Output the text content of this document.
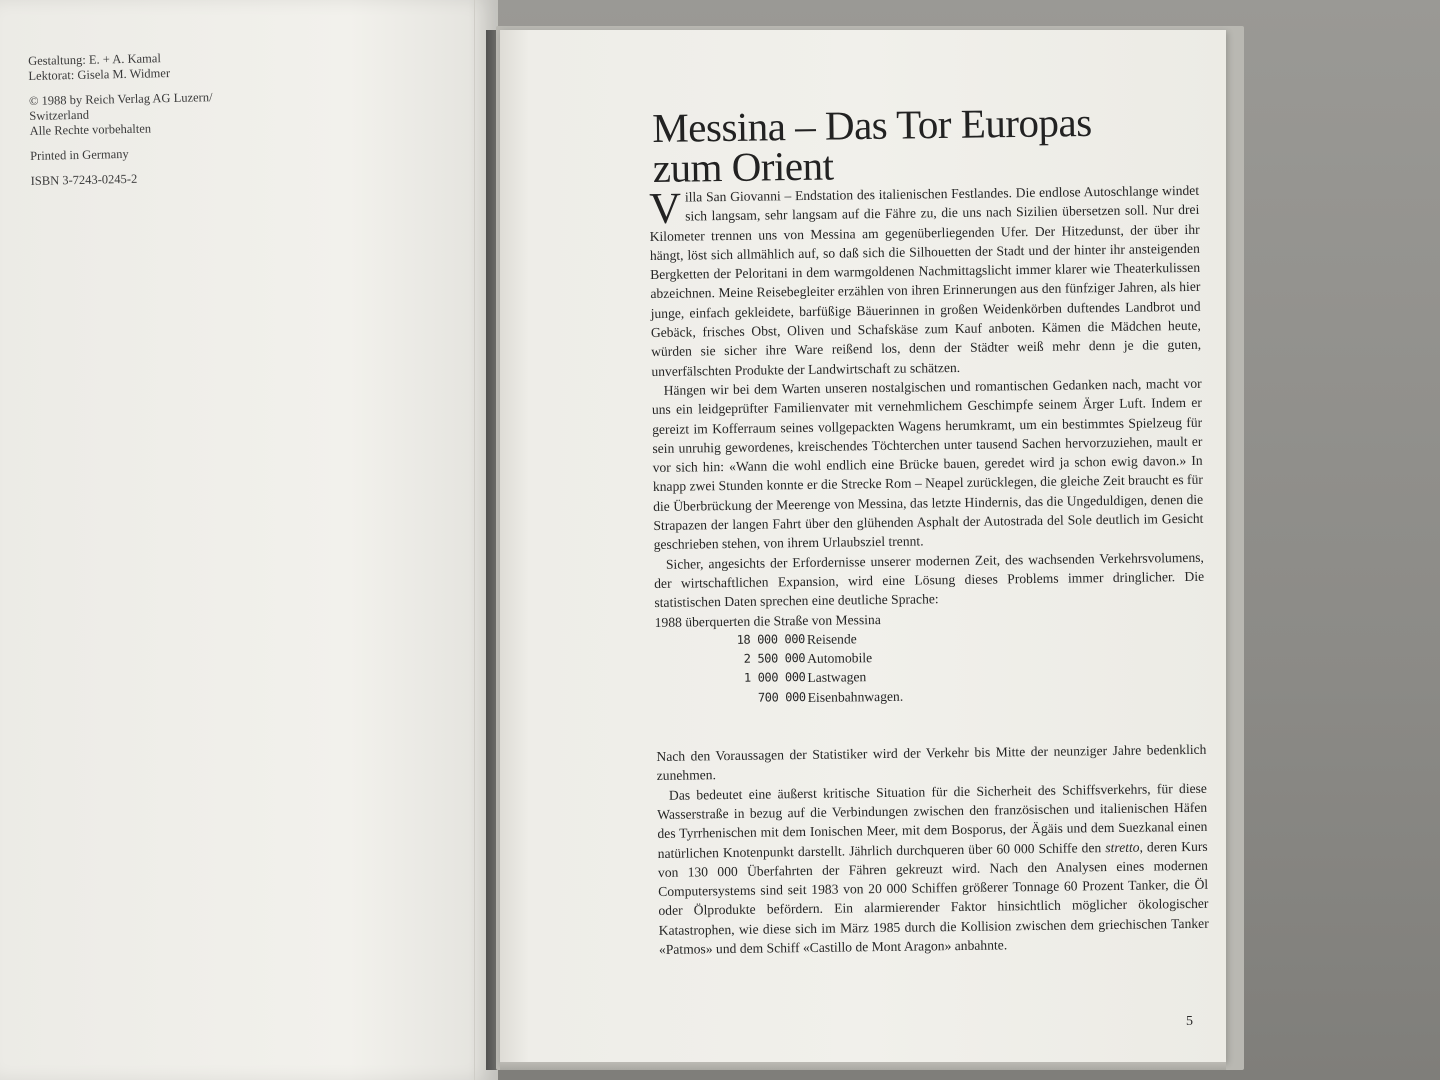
Gestaltung: E. + A. Kamal
Lektorat: Gisela M. Widmer
© 1988 by Reich Verlag AG Luzern/
Switzerland
Alle Rechte vorbehalten
Printed in Germany
ISBN 3-7243-0245-2
Messina – Das Tor Europas
zum Orient

Villa San Giovanni – Endstation des italienischen Festlandes. Die endlose Autoschlange windet sich langsam, sehr langsam auf die Fähre zu, die uns nach Sizilien übersetzen soll. Nur drei Kilometer trennen uns von Messina am gegenüberliegenden Ufer. Der Hitzedunst, der über ihr hängt, löst sich allmählich auf, so daß sich die Silhouetten der Stadt und der hinter ihr ansteigenden Bergketten der Peloritani in dem warmgoldenen Nachmittagslicht immer klarer wie Theaterkulissen abzeichnen. Meine Reisebegleiter erzählen von ihren Erinnerungen aus den fünfziger Jahren, als hier junge, einfach gekleidete, barfüßige Bäuerinnen in großen Weidenkörben duftendes Landbrot und Gebäck, frisches Obst, Oliven und Schafskäse zum Kauf anboten. Kämen die Mädchen heute, würden sie sicher ihre Ware reißend los, denn der Städter weiß mehr denn je die guten, unverfälschten Produkte der Landwirtschaft zu schätzen.

Hängen wir bei dem Warten unseren nostalgischen und romantischen Gedanken nach, macht vor uns ein leidgeprüfter Familienvater mit vernehmlichem Geschimpfe seinem Ärger Luft. Indem er gereizt im Kofferraum seines vollgepackten Wagens herumkramt, um ein bestimmtes Spielzeug für sein unruhig gewordenes, kreischendes Töchterchen unter tausend Sachen hervorzuziehen, mault er vor sich hin: «Wann die wohl endlich eine Brücke bauen, geredet wird ja schon ewig davon.» In knapp zwei Stunden konnte er die Strecke Rom – Neapel zurücklegen, die gleiche Zeit braucht es für die Überbrückung der Meerenge von Messina, das letzte Hindernis, das die Ungeduldigen, denen die Strapazen der langen Fahrt über den glühenden Asphalt der Autostrada del Sole deutlich im Gesicht geschrieben stehen, von ihrem Urlaubsziel trennt.

Sicher, angesichts der Erfordernisse unserer modernen Zeit, des wachsenden Verkehrsvolumens, der wirtschaftlichen Expansion, wird eine Lösung dieses Problems immer dringlicher. Die statistischen Daten sprechen eine deutliche Sprache:

1988 überquerten die Straße von Messina

18 000 000 Reisende
2 500 000 Automobile
1 000 000 Lastwagen
700 000 Eisenbahnwagen.

Nach den Voraussagen der Statistiker wird der Verkehr bis Mitte der neunziger Jahre bedenklich zunehmen.

Das bedeutet eine äußerst kritische Situation für die Sicherheit des Schiffsverkehrs, für diese Wasserstraße in bezug auf die Verbindungen zwischen den französischen und italienischen Häfen des Tyrrhenischen mit dem Ionischen Meer, mit dem Bosporus, der Ägäis und dem Suezkanal einen natürlichen Knotenpunkt darstellt. Jährlich durchqueren über 60 000 Schiffe den stretto, deren Kurs von 130 000 Überfahrten der Fähren gekreuzt wird. Nach den Analysen eines modernen Computersystems sind seit 1983 von 20 000 Schiffen größerer Tonnage 60 Prozent Tanker, die Öl oder Ölprodukte befördern. Ein alarmierender Faktor hinsichtlich möglicher ökologischer Katastrophen, wie diese sich im März 1985 durch die Kollision zwischen dem griechischen Tanker «Patmos» und dem Schiff «Castillo de Mont Aragon» anbahnte.

5
